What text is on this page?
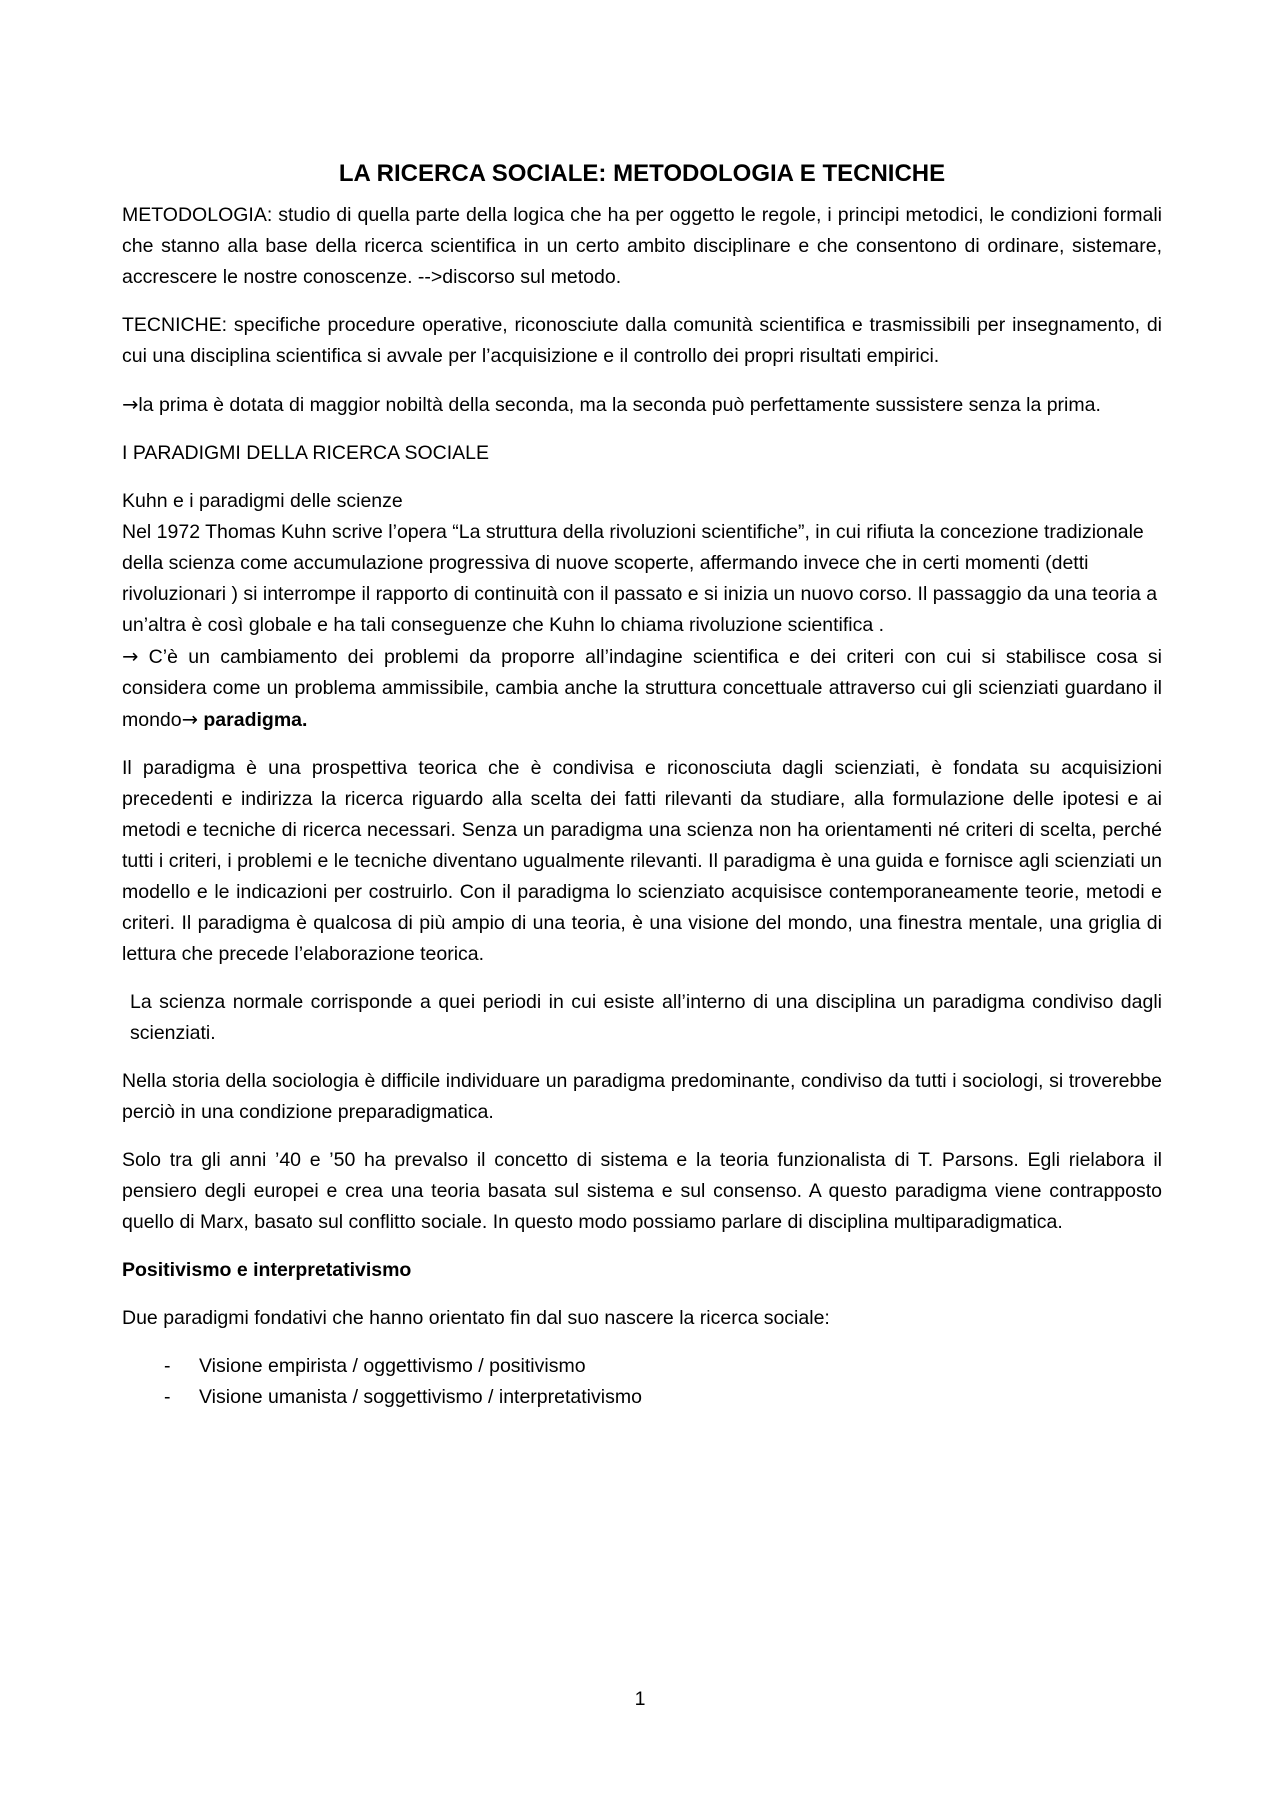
LA RICERCA SOCIALE: METODOLOGIA E TECNICHE

METODOLOGIA: studio di quella parte della logica che ha per oggetto le regole, i principi metodici, le condizioni formali che stanno alla base della ricerca scientifica in un certo ambito disciplinare e che consentono di ordinare, sistemare, accrescere le nostre conoscenze. -->discorso sul metodo.

TECNICHE: specifiche procedure operative, riconosciute dalla comunità scientifica e trasmissibili per insegnamento, di cui una disciplina scientifica si avvale per l’acquisizione e il controllo dei propri risultati empirici.

→la prima è dotata di maggior nobiltà della seconda, ma la seconda può perfettamente sussistere senza la prima.

I PARADIGMI DELLA RICERCA SOCIALE

Kuhn e i paradigmi delle scienze

Nel 1972 Thomas Kuhn scrive l’opera “La struttura della rivoluzioni scientifiche”, in cui rifiuta la concezione tradizionale della scienza come accumulazione progressiva di nuove scoperte, affermando invece che in certi momenti (detti rivoluzionari ) si interrompe il rapporto di continuità con il passato e si inizia un nuovo corso. Il passaggio da una teoria a un’altra è così globale e ha tali conseguenze che Kuhn lo chiama rivoluzione scientifica .

→ C’è un cambiamento dei problemi da proporre all’indagine scientifica e dei criteri con cui si stabilisce cosa si considera come un problema ammissibile, cambia anche la struttura concettuale attraverso cui gli scienziati guardano il mondo→ paradigma.

Il paradigma è una prospettiva teorica che è condivisa e riconosciuta dagli scienziati, è fondata su acquisizioni precedenti e indirizza la ricerca riguardo alla scelta dei fatti rilevanti da studiare, alla formulazione delle ipotesi e ai metodi e tecniche di ricerca necessari. Senza un paradigma una scienza non ha orientamenti né criteri di scelta, perché tutti i criteri, i problemi e le tecniche diventano ugualmente rilevanti. Il paradigma è una guida e fornisce agli scienziati un modello e le indicazioni per costruirlo. Con il paradigma lo scienziato acquisisce contemporaneamente teorie, metodi e criteri. Il paradigma è qualcosa di più ampio di una teoria, è una visione del mondo, una finestra mentale, una griglia di lettura che precede l’elaborazione teorica.

La scienza normale corrisponde a quei periodi in cui esiste all’interno di una disciplina un paradigma condiviso dagli scienziati.

Nella storia della sociologia è difficile individuare un paradigma predominante, condiviso da tutti i sociologi, si troverebbe perciò in una condizione preparadigmatica.

Solo tra gli anni ’40 e ’50 ha prevalso il concetto di sistema e la teoria funzionalista di T. Parsons. Egli rielabora il pensiero degli europei e crea una teoria basata sul sistema e sul consenso. A questo paradigma viene contrapposto quello di Marx, basato sul conflitto sociale. In questo modo possiamo parlare di disciplina multiparadigmatica.

Positivismo e interpretativismo

Due paradigmi fondativi che hanno orientato fin dal suo nascere la ricerca sociale:

- Visione empirista / oggettivismo / positivismo
- Visione umanista / soggettivismo / interpretativismo
1
